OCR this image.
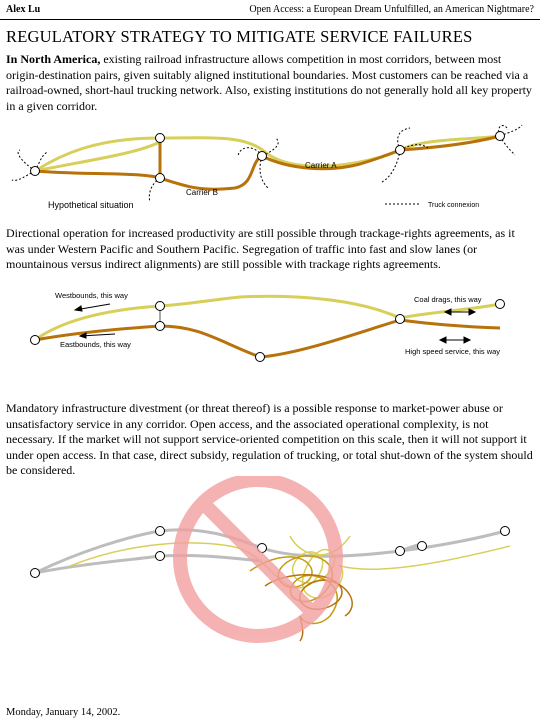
Alex Lu	Open Access: a European Dream Unfulfilled, an American Nightmare?
REGULATORY STRATEGY TO MITIGATE SERVICE FAILURES

In North America, existing railroad infrastructure allows competition in most corridors, between most origin-destination pairs, given suitably aligned institutional boundaries. Most customers can be reached via a railroad-owned, short-haul trucking network. Also, existing institutions do not generally hold all key property in a given corridor.

Carrier A
Carrier B
Hypothetical situation	Truck connexion

Directional operation for increased productivity are still possible through trackage-rights agreements, as it was under Western Pacific and Southern Pacific. Segregation of traffic into fast and slow lanes (or mountainous versus indirect alignments) are still possible with trackage rights agreements.

Westbounds, this way
Eastbounds, this way
Coal drags, this way
High speed service, this way

Mandatory infrastructure divestment (or threat thereof) is a possible response to market-power abuse or unsatisfactory service in any corridor. Open access, and the associated operational complexity, is not necessary. If the market will not support service-oriented competition on this scale, then it will not support it under open access. In that case, direct subsidy, regulation of trucking, or total shut-down of the system should be considered.

Monday, January 14, 2002.
